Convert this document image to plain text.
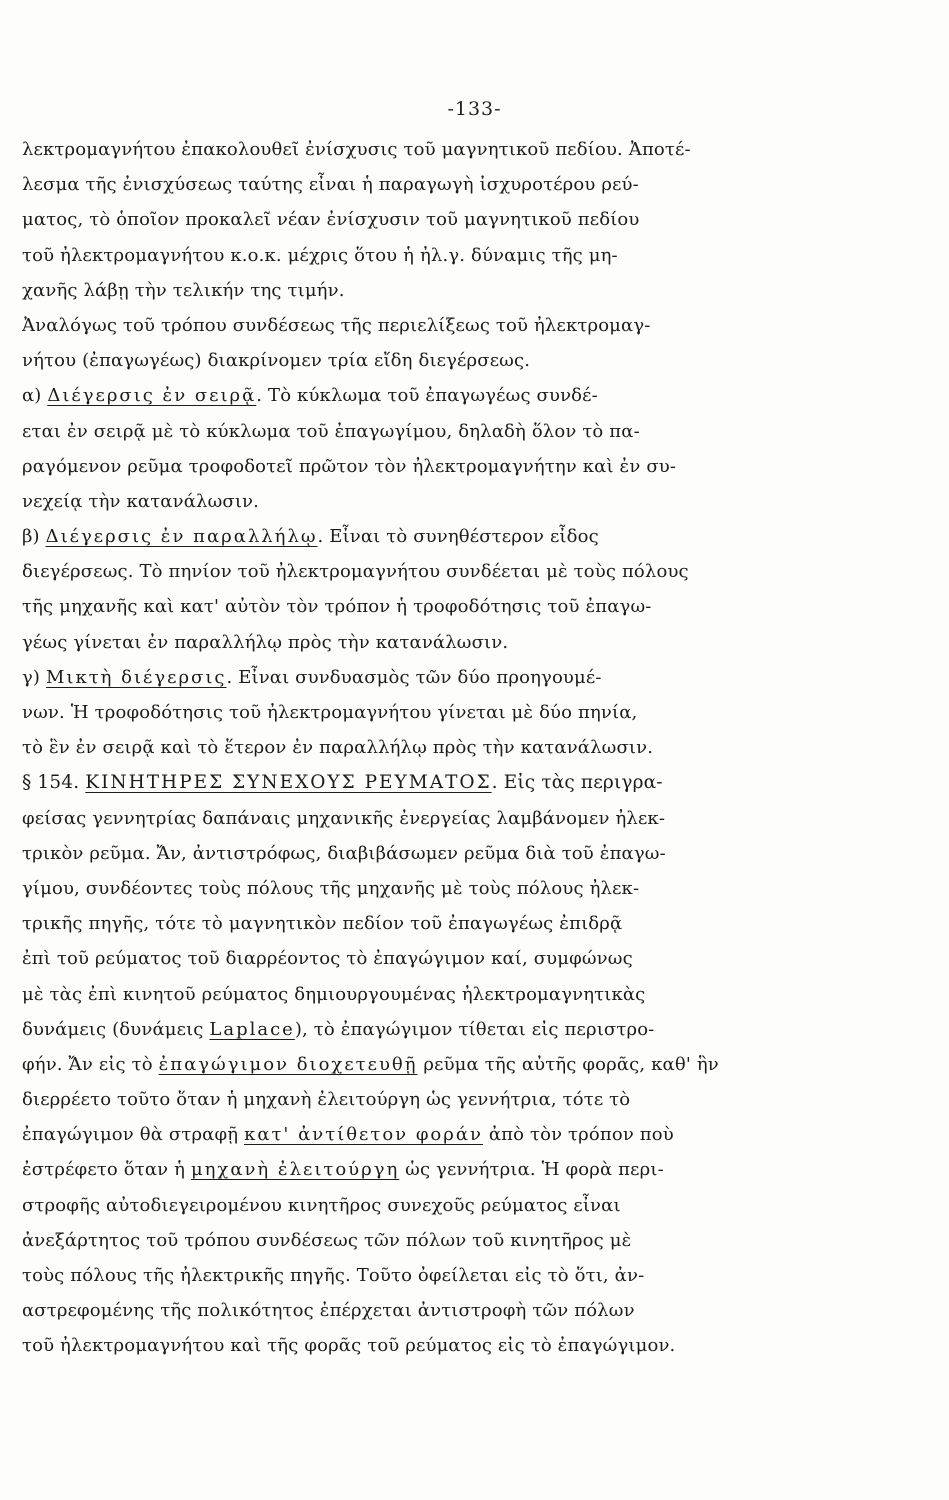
-133-
λεκτρομαγνήτου ἐπακολουθεῖ ἐνίσχυσις τοῦ μαγνητικοῦ πεδίου. Ἀποτέ-
λεσμα τῆς ἐνισχύσεως ταύτης εἶναι ἡ παραγωγὴ ἰσχυροτέρου ρεύ-
ματος, τὸ ὁποῖον προκαλεῖ νέαν ἐνίσχυσιν τοῦ μαγνητικοῦ πεδίου
τοῦ ἠλεκτρομαγνήτου κ.ο.κ. μέχρις ὅτου ἡ ἠλ.γ. δύναμις τῆς μη-
χανῆς λάβῃ τὴν τελικήν της τιμήν.
Ἀναλόγως τοῦ τρόπου συνδέσεως τῆς περιελίξεως τοῦ ἠλεκτρομαγ-
νήτου (ἐπαγωγέως) διακρίνομεν τρία εἴδη διεγέρσεως.
α) Διέγερσις ἐν σειρᾷ. Τὸ κύκλωμα τοῦ ἐπαγωγέως συνδέ-
εται ἐν σειρᾷ μὲ τὸ κύκλωμα τοῦ ἐπαγωγίμου, δηλαδὴ ὅλον τὸ πα-
ραγόμενον ρεῦμα τροφοδοτεῖ πρῶτον τὸν ἠλεκτρομαγνήτην καὶ ἐν συ-
νεχείᾳ τὴν κατανάλωσιν.
β) Διέγερσις ἐν παραλλήλῳ. Εἶναι τὸ συνηθέστερον εἶδος
διεγέρσεως. Τὸ πηνίον τοῦ ἠλεκτρομαγνήτου συνδέεται μὲ τοὺς πόλους
τῆς μηχανῆς καὶ κατ' αὐτὸν τὸν τρόπον ἡ τροφοδότησις τοῦ ἐπαγω-
γέως γίνεται ἐν παραλλήλῳ πρὸς τὴν κατανάλωσιν.
γ) Μικτὴ διέγερσις. Εἶναι συνδυασμὸς τῶν δύο προηγουμέ-
νων. Ἡ τροφοδότησις τοῦ ἠλεκτρομαγνήτου γίνεται μὲ δύο πηνία,
τὸ ἓν ἐν σειρᾷ καὶ τὸ ἕτερον ἐν παραλλήλῳ πρὸς τὴν κατανάλωσιν.
§ 154. ΚΙΝΗΤΗΡΕΣ ΣΥΝΕΧΟΥΣ ΡΕΥΜΑΤΟΣ. Εἰς τὰς περιγρα-
φείσας γεννητρίας δαπάναις μηχανικῆς ἐνεργείας λαμβάνομεν ἠλεκ-
τρικὸν ρεῦμα. Ἄν, ἀντιστρόφως, διαβιβάσωμεν ρεῦμα διὰ τοῦ ἐπαγω-
γίμου, συνδέοντες τοὺς πόλους τῆς μηχανῆς μὲ τοὺς πόλους ἠλεκ-
τρικῆς πηγῆς, τότε τὸ μαγνητικὸν πεδίον τοῦ ἐπαγωγέως ἐπιδρᾷ
ἐπὶ τοῦ ρεύματος τοῦ διαρρέοντος τὸ ἐπαγώγιμον καί, συμφώνως
μὲ τὰς ἐπὶ κινητοῦ ρεύματος δημιουργουμένας ἠλεκτρομαγνητικὰς
δυνάμεις (δυνάμεις Laplace), τὸ ἐπαγώγιμον τίθεται εἰς περιστρο-
φήν. Ἄν εἰς τὸ ἐπαγώγιμον διοχετευθῇ ρεῦμα τῆς αὐτῆς φορᾶς, καθ' ἣν
διερρέετο τοῦτο ὅταν ἡ μηχανὴ ἐλειτούργη ὡς γεννήτρια, τότε τὸ
ἐπαγώγιμον θὰ στραφῇ κατ' ἀντίθετον φοράν ἀπὸ τὸν τρόπον ποὺ
ἐστρέφετο ὅταν ἡ μηχανὴ ἐλειτούργη ὡς γεννήτρια. Ἡ φορὰ περι-
στροφῆς αὐτοδιεγειρομένου κινητῆρος συνεχοῦς ρεύματος εἶναι
ἀνεξάρτητος τοῦ τρόπου συνδέσεως τῶν πόλων τοῦ κινητῆρος μὲ
τοὺς πόλους τῆς ἠλεκτρικῆς πηγῆς. Τοῦτο ὀφείλεται εἰς τὸ ὅτι, ἀν-
αστρεφομένης τῆς πολικότητος ἐπέρχεται ἀντιστροφὴ τῶν πόλων
τοῦ ἠλεκτρομαγνήτου καὶ τῆς φορᾶς τοῦ ρεύματος εἰς τὸ ἐπαγώγιμον.
